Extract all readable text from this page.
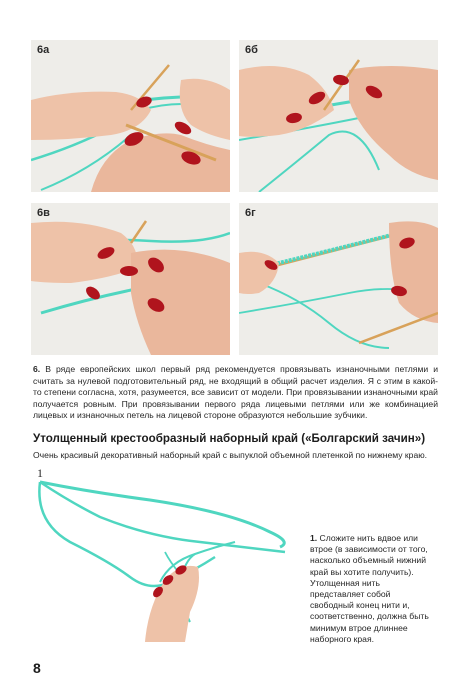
6а	6б
6в	6г
6. В ряде европейских школ первый ряд рекомендуется провязывать изнаночными петлями и считать за нулевой подготовительный ряд, не входящий в общий расчет изделия. Я с этим в какой-то степени согласна, хотя, разумеется, все зависит от модели. При провязывании изнаночными край получается ровным. При провязывании первого ряда лицевыми петлями или же комбинацией лицевых и изнаночных петель на лицевой стороне образуются небольшие зубчики.
Утолщенный крестообразный наборный край («Болгарский зачин»)
Очень красивый декоративный наборный край с выпуклой объемной плетенкой по нижнему краю.
1
1. Сложите нить вдвое или втрое (в зависимости от того, насколько объемный нижний край вы хотите получить). Утолщенная нить представляет собой свободный конец нити и, соответственно, должна быть минимум втрое длиннее наборного края.
8
